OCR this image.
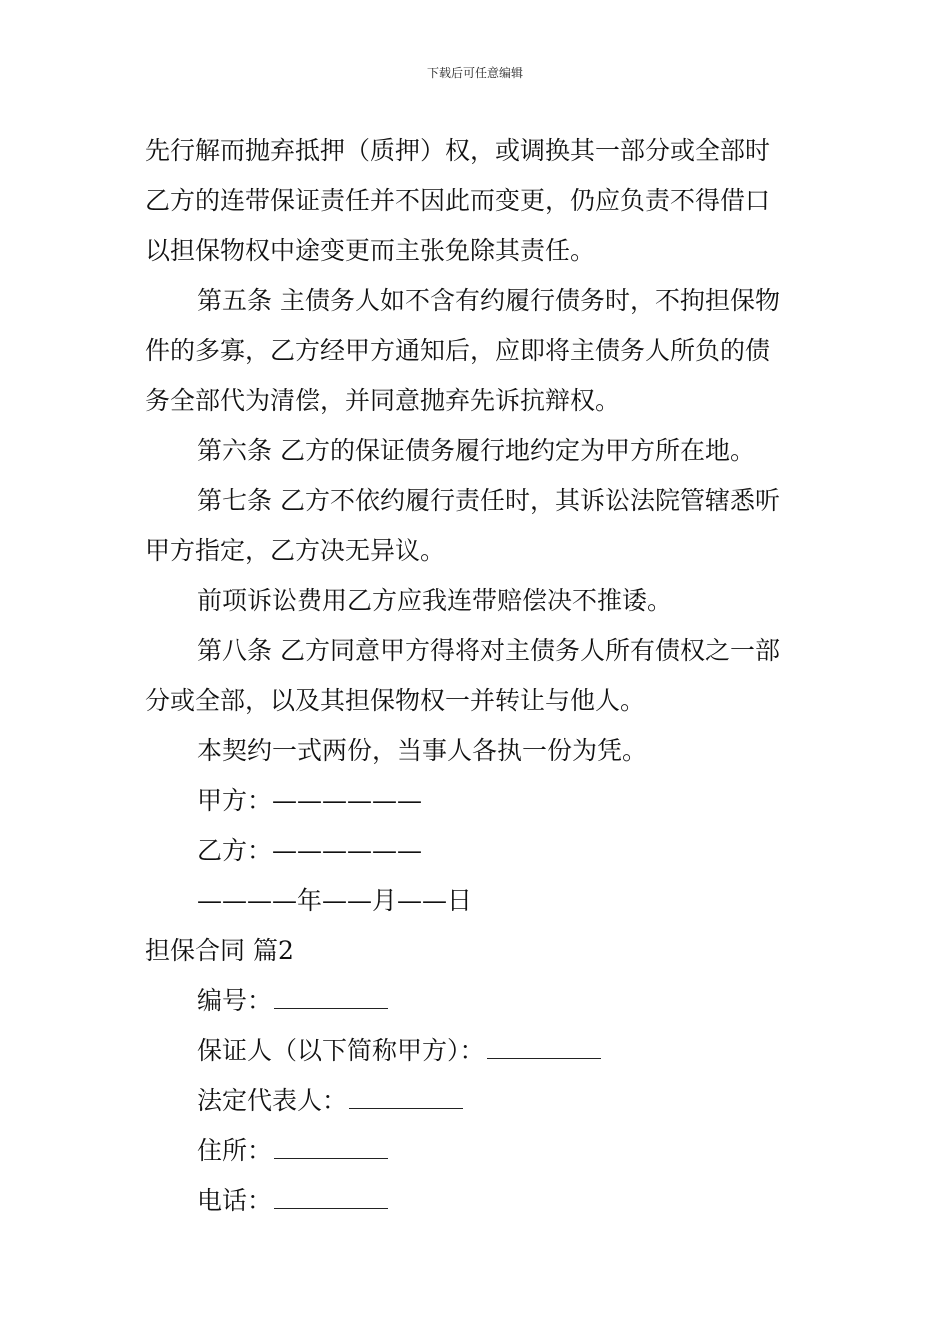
下载后可任意编辑
先行解而抛弃抵押（质押）权，或调换其一部分或全部时
乙方的连带保证责任并不因此而变更，仍应负责不得借口
以担保物权中途变更而主张免除其责任。
第五条 主债务人如不含有约履行债务时，不拘担保物
件的多寡，乙方经甲方通知后，应即将主债务人所负的债
务全部代为清偿，并同意抛弃先诉抗辩权。
第六条 乙方的保证债务履行地约定为甲方所在地。
第七条 乙方不依约履行责任时，其诉讼法院管辖悉听
甲方指定，乙方决无异议。
前项诉讼费用乙方应我连带赔偿决不推诿。
第八条 乙方同意甲方得将对主债务人所有债权之一部
分或全部，以及其担保物权一并转让与他人。
本契约一式两份，当事人各执一份为凭。
甲方：——————
乙方：——————
————年——月——日
担保合同 篇2
编号：
保证人（以下简称甲方）：
法定代表人：
住所：
电话：
